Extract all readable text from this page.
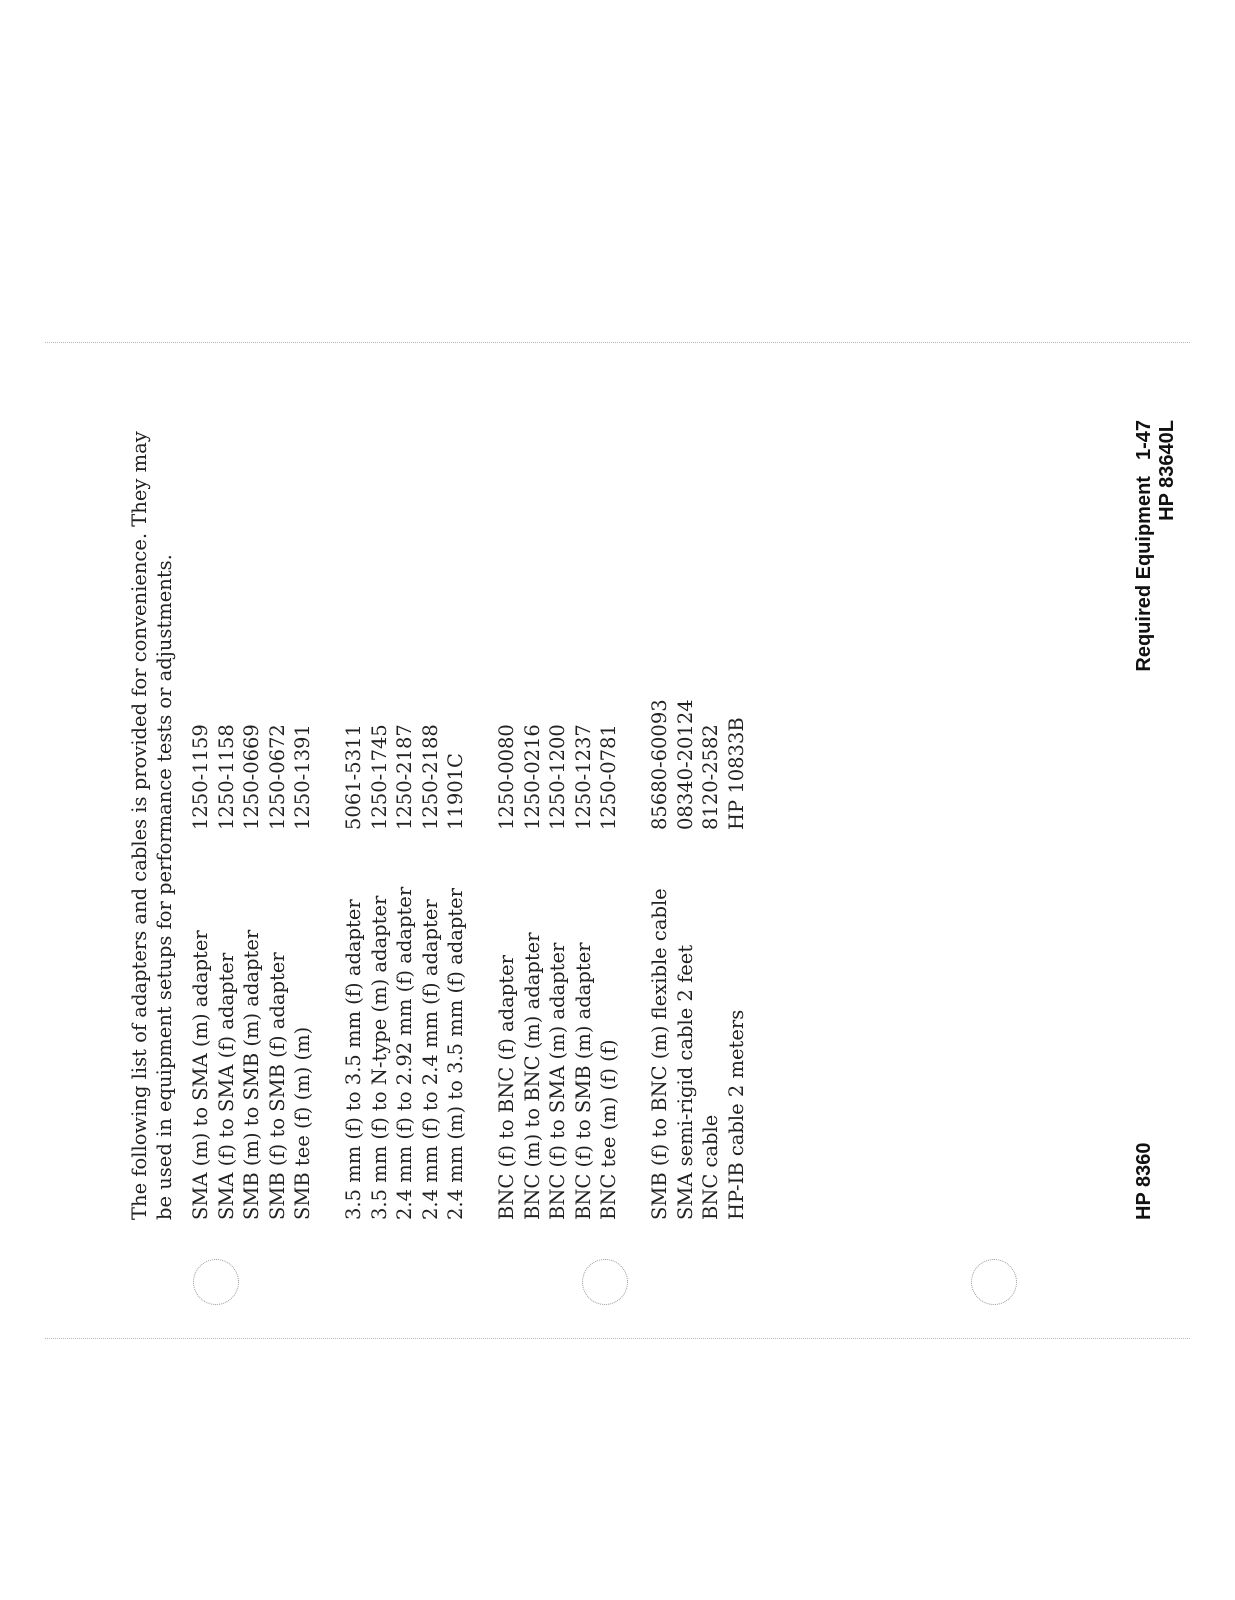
The following list of adapters and cables is provided for convenience. They may be used in equipment setups for performance tests or adjustments. SMA (m) to SMA (m) adapter
1250-1159
SMA (f) to SMA (f) adapter
1250-1158
SMB (m) to SMB (m) adapter
1250-0669
SMB (f) to SMB (f) adapter
1250-0672
SMB tee (f) (m) (m)
1250-1391
3.5 mm (f) to 3.5 mm (f) adapter
5061-5311
3.5 mm (f) to N-type (m) adapter
1250-1745
2.4 mm (f) to 2.92 mm (f) adapter
1250-2187
2.4 mm (f) to 2.4 mm (f) adapter
1250-2188
2.4 mm (m) to 3.5 mm (f) adapter
11901C
BNC (f) to BNC (f) adapter
1250-0080
BNC (m) to BNC (m) adapter
1250-0216
BNC (f) to SMA (m) adapter
1250-1200
BNC (f) to SMB (m) adapter
1250-1237
BNC tee (m) (f) (f)
1250-0781
SMB (f) to BNC (m) flexible cable
85680-60093
SMA semi-rigid cable 2 feet
08340-20124
BNC cable
8120-2582
HP-IB cable 2 meters
HP 10833B
HP 8360
Required Equipment1-47 HP 83640L
